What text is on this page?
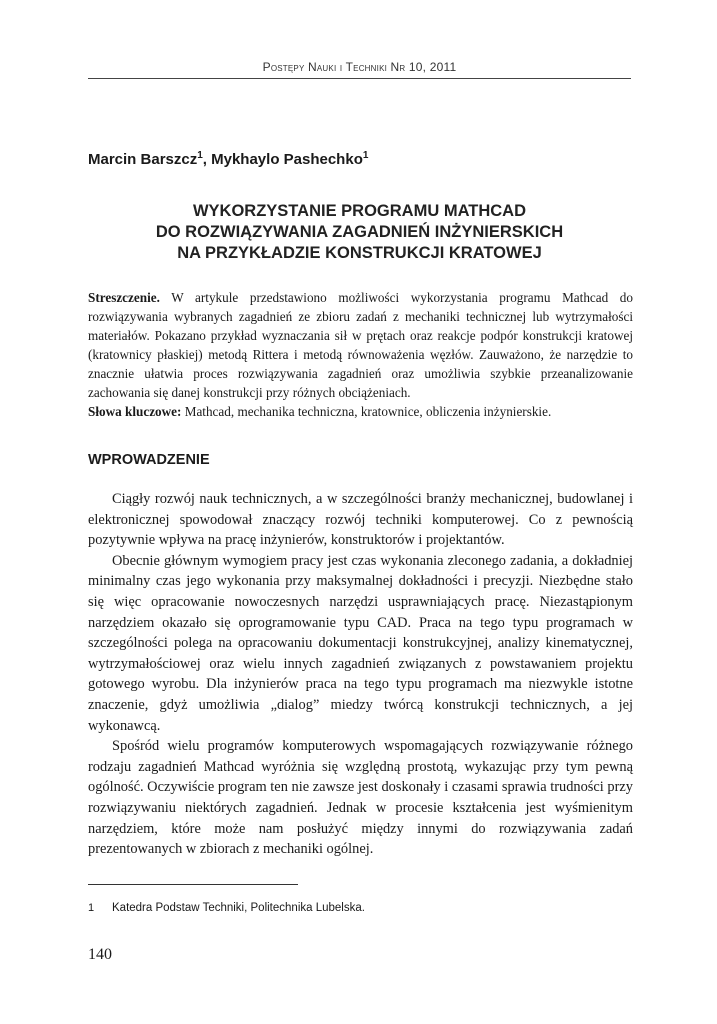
Postępy Nauki i Techniki Nr 10, 2011
Marcin Barszcz$^1$, Mykhaylo Pashechko$^1$
WYKORZYSTANIE PROGRAMU MATHCAD
DO ROZWIĄZYWANIA ZAGADNIEŃ INŻYNIERSKICH
NA PRZYKŁADZIE KONSTRUKCJI KRATOWEJ

Streszczenie. W artykule przedstawiono możliwości wykorzystania programu Mathcad do rozwiązywania wybranych zagadnień ze zbioru zadań z mechaniki technicznej lub wytrzymałości materiałów. Pokazano przykład wyznaczania sił w prętach oraz reakcje podpór konstrukcji kratowej (kratownicy płaskiej) metodą Rittera i metodą równoważenia węzłów. Zauważono, że narzędzie to znacznie ułatwia proces rozwiązywania zagadnień oraz umożliwia szybkie przeanalizowanie zachowania się danej konstrukcji przy różnych obciążeniach.

Słowa kluczowe: Mathcad, mechanika techniczna, kratownice, obliczenia inżynierskie.

WPROWADZENIE

Ciągły rozwój nauk technicznych, a w szczególności branży mechanicznej, budowlanej i elektronicznej spowodował znaczący rozwój techniki komputerowej. Co z pewnością pozytywnie wpływa na pracę inżynierów, konstruktorów i projektantów.

Obecnie głównym wymogiem pracy jest czas wykonania zleconego zadania, a dokładniej minimalny czas jego wykonania przy maksymalnej dokładności i precyzji. Niezbędne stało się więc opracowanie nowoczesnych narzędzi usprawniających pracę. Niezastąpionym narzędziem okazało się oprogramowanie typu CAD. Praca na tego typu programach w szczególności polega na opracowaniu dokumentacji konstrukcyjnej, analizy kinematycznej, wytrzymałościowej oraz wielu innych zagadnień związanych z powstawaniem projektu gotowego wyrobu. Dla inżynierów praca na tego typu programach ma niezwykle istotne znaczenie, gdyż umożliwia „dialog” miedzy twórcą konstrukcji technicznych, a jej wykonawcą.

Spośród wielu programów komputerowych wspomagających rozwiązywanie różnego rodzaju zagadnień Mathcad wyróżnia się względną prostotą, wykazując przy tym pewną ogólność. Oczywiście program ten nie zawsze jest doskonały i czasami sprawia trudności przy rozwiązywaniu niektórych zagadnień. Jednak w procesie kształcenia jest wyśmienitym narzędziem, które może nam posłużyć między innymi do rozwiązywania zadań prezentowanych w zbiorach z mechaniki ogólnej.

1 Katedra Podstaw Techniki, Politechnika Lubelska.
140
